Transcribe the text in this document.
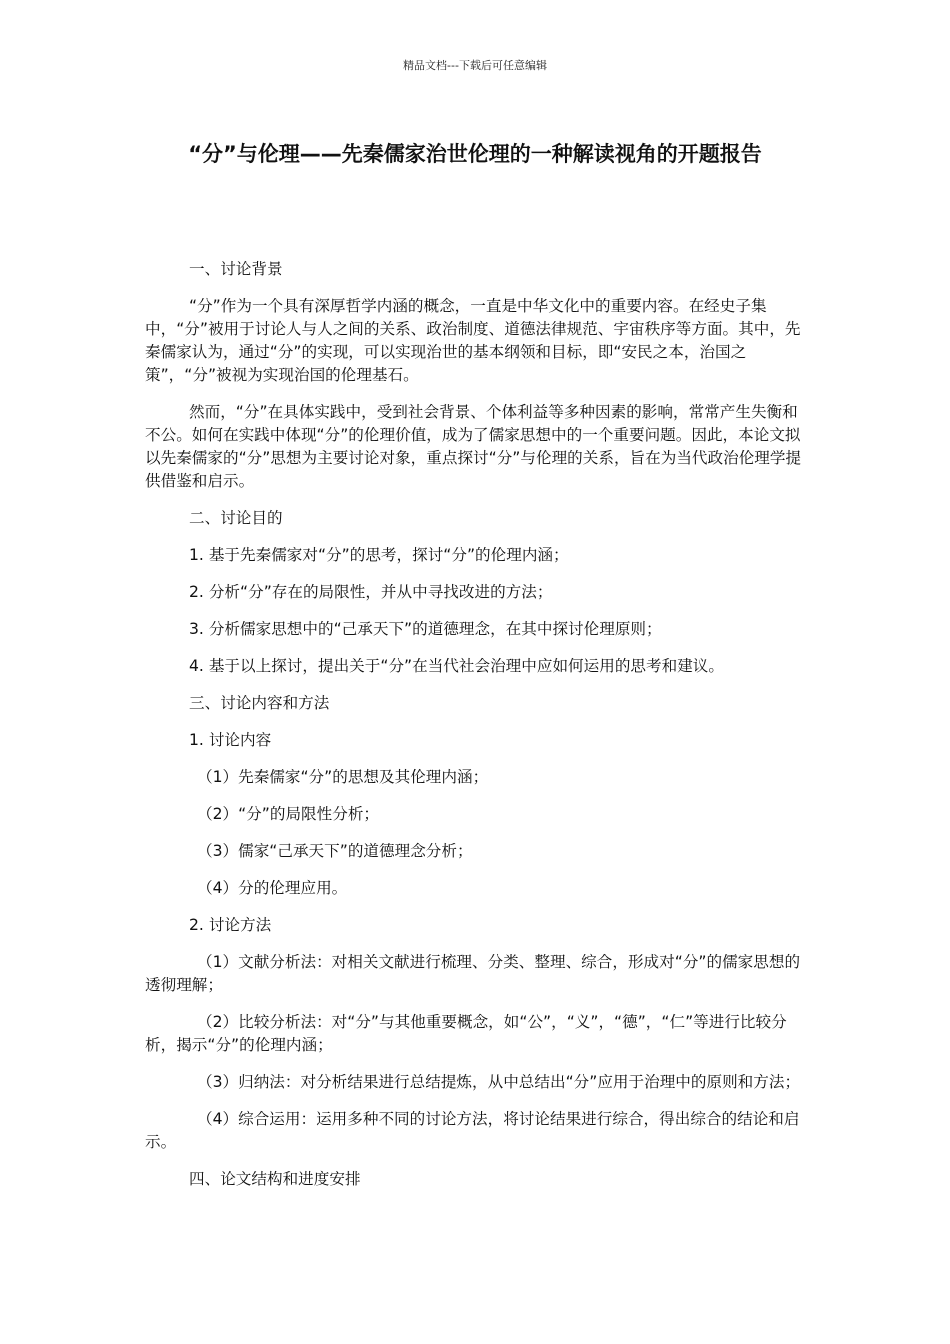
精品文档---下载后可任意编辑
“分”与伦理——先秦儒家治世伦理的一种解读视角的开题报告

一、讨论背景

“分”作为一个具有深厚哲学内涵的概念，一直是中华文化中的重要内容。在经史子集中，“分”被用于讨论人与人之间的关系、政治制度、道德法律规范、宇宙秩序等方面。其中，先秦儒家认为，通过“分”的实现，可以实现治世的基本纲领和目标，即“安民之本，治国之策”，“分”被视为实现治国的伦理基石。

然而，“分”在具体实践中，受到社会背景、个体利益等多种因素的影响，常常产生失衡和不公。如何在实践中体现“分”的伦理价值，成为了儒家思想中的一个重要问题。因此，本论文拟以先秦儒家的“分”思想为主要讨论对象，重点探讨“分”与伦理的关系，旨在为当代政治伦理学提供借鉴和启示。

二、讨论目的

1. 基于先秦儒家对“分”的思考，探讨“分”的伦理内涵；

2. 分析“分”存在的局限性，并从中寻找改进的方法；

3. 分析儒家思想中的“己承天下”的道德理念，在其中探讨伦理原则；

4. 基于以上探讨，提出关于“分”在当代社会治理中应如何运用的思考和建议。

三、讨论内容和方法

1. 讨论内容

（1）先秦儒家“分”的思想及其伦理内涵；

（2）“分”的局限性分析；

（3）儒家“己承天下”的道德理念分析；

（4）分的伦理应用。

2. 讨论方法

（1）文献分析法：对相关文献进行梳理、分类、整理、综合，形成对“分”的儒家思想的透彻理解；

（2）比较分析法：对“分”与其他重要概念，如“公”，“义”，“德”，“仁”等进行比较分析，揭示“分”的伦理内涵；

（3）归纳法：对分析结果进行总结提炼，从中总结出“分”应用于治理中的原则和方法；

（4）综合运用：运用多种不同的讨论方法，将讨论结果进行综合，得出综合的结论和启示。

四、论文结构和进度安排
